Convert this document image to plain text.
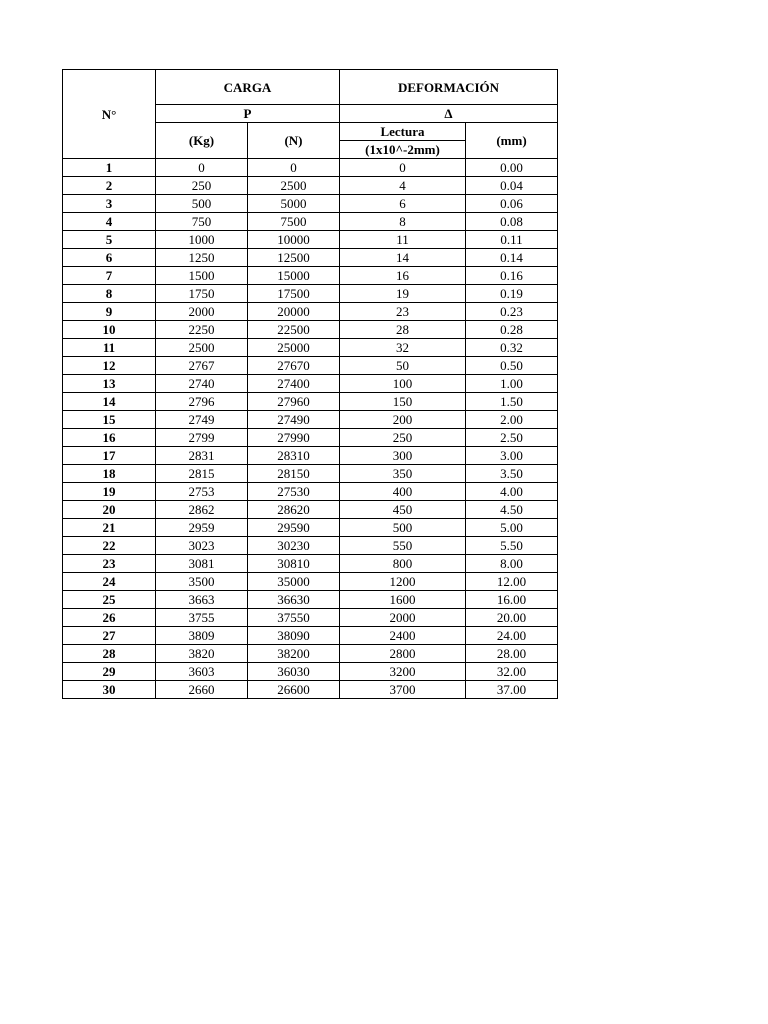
N°	CARGA		DEFORMACIÓN	
	P		Δ	
	(Kg)	(N)	Lectura	(mm)
			(1x10^-2mm)	
1	0	0	0	0.00
2	250	2500	4	0.04
3	500	5000	6	0.06
4	750	7500	8	0.08
5	1000	10000	11	0.11
6	1250	12500	14	0.14
7	1500	15000	16	0.16
8	1750	17500	19	0.19
9	2000	20000	23	0.23
10	2250	22500	28	0.28
11	2500	25000	32	0.32
12	2767	27670	50	0.50
13	2740	27400	100	1.00
14	2796	27960	150	1.50
15	2749	27490	200	2.00
16	2799	27990	250	2.50
17	2831	28310	300	3.00
18	2815	28150	350	3.50
19	2753	27530	400	4.00
20	2862	28620	450	4.50
21	2959	29590	500	5.00
22	3023	30230	550	5.50
23	3081	30810	800	8.00
24	3500	35000	1200	12.00
25	3663	36630	1600	16.00
26	3755	37550	2000	20.00
27	3809	38090	2400	24.00
28	3820	38200	2800	28.00
29	3603	36030	3200	32.00
30	2660	26600	3700	37.00
